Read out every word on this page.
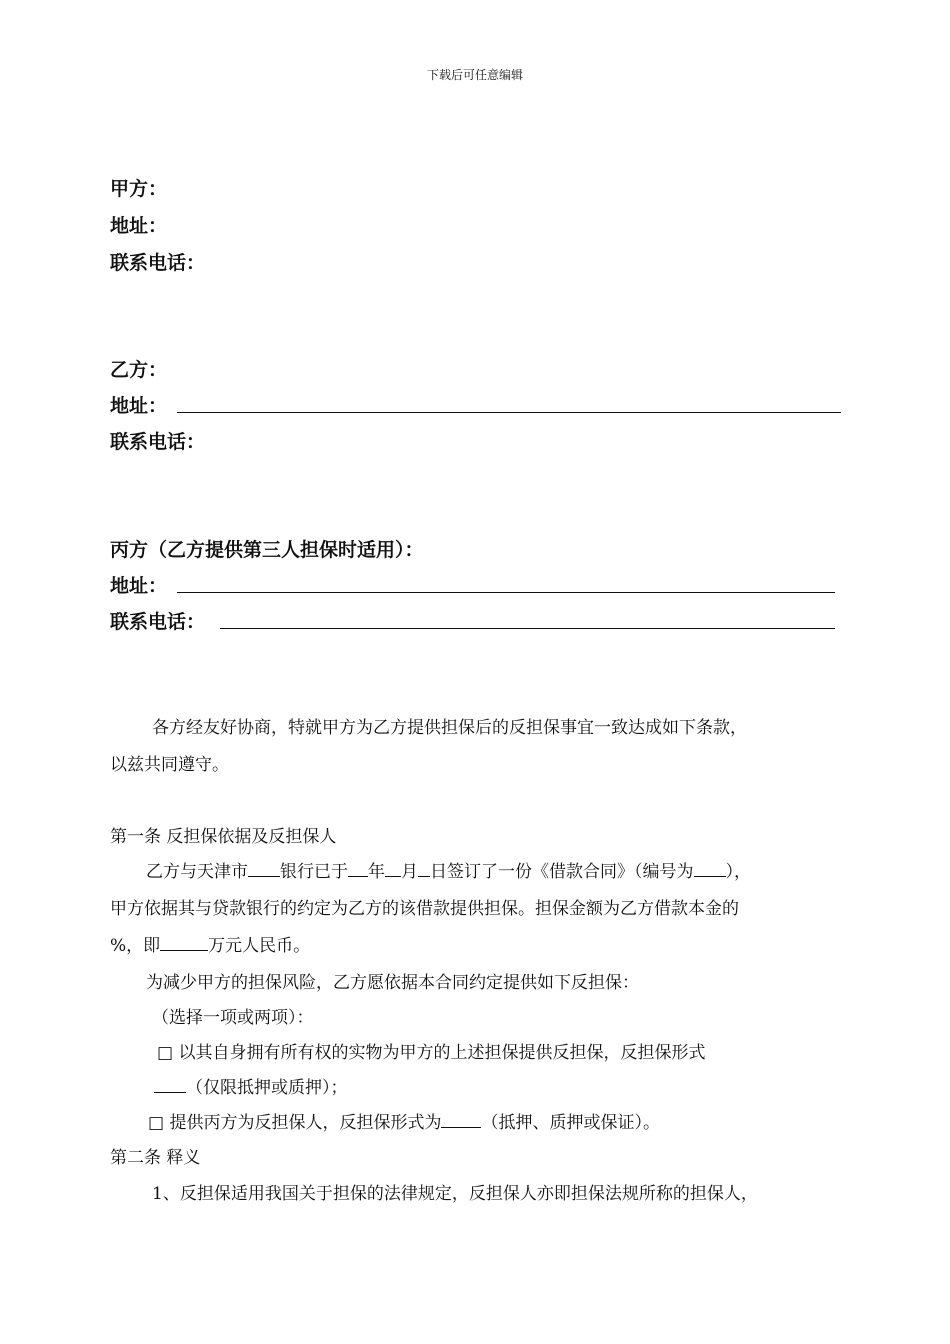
下载后可任意编辑
甲方：
地址：
联系电话：
乙方：
地址：
联系电话：
丙方（乙方提供第三人担保时适用）：
地址：
联系电话：
各方经友好协商，特就甲方为乙方提供担保后的反担保事宜一致达成如下条款，
以兹共同遵守。
第一条 反担保依据及反担保人
乙方与天津市 银行已于 年 月 日签订了一份《借款合同》（编号为 ），
甲方依据其与贷款银行的约定为乙方的该借款提供担保。担保金额为乙方借款本金的
%，即	万元人民币。
为减少甲方的担保风险，乙方愿依据本合同约定提供如下反担保：
（选择一项或两项）：
□ 以其自身拥有所有权的实物为甲方的上述担保提供反担保，反担保形式
（仅限抵押或质押）；
□ 提供丙方为反担保人，反担保形式为 （抵押、质押或保证）。
第二条 释义
1、反担保适用我国关于担保的法律规定，反担保人亦即担保法规所称的担保人，
